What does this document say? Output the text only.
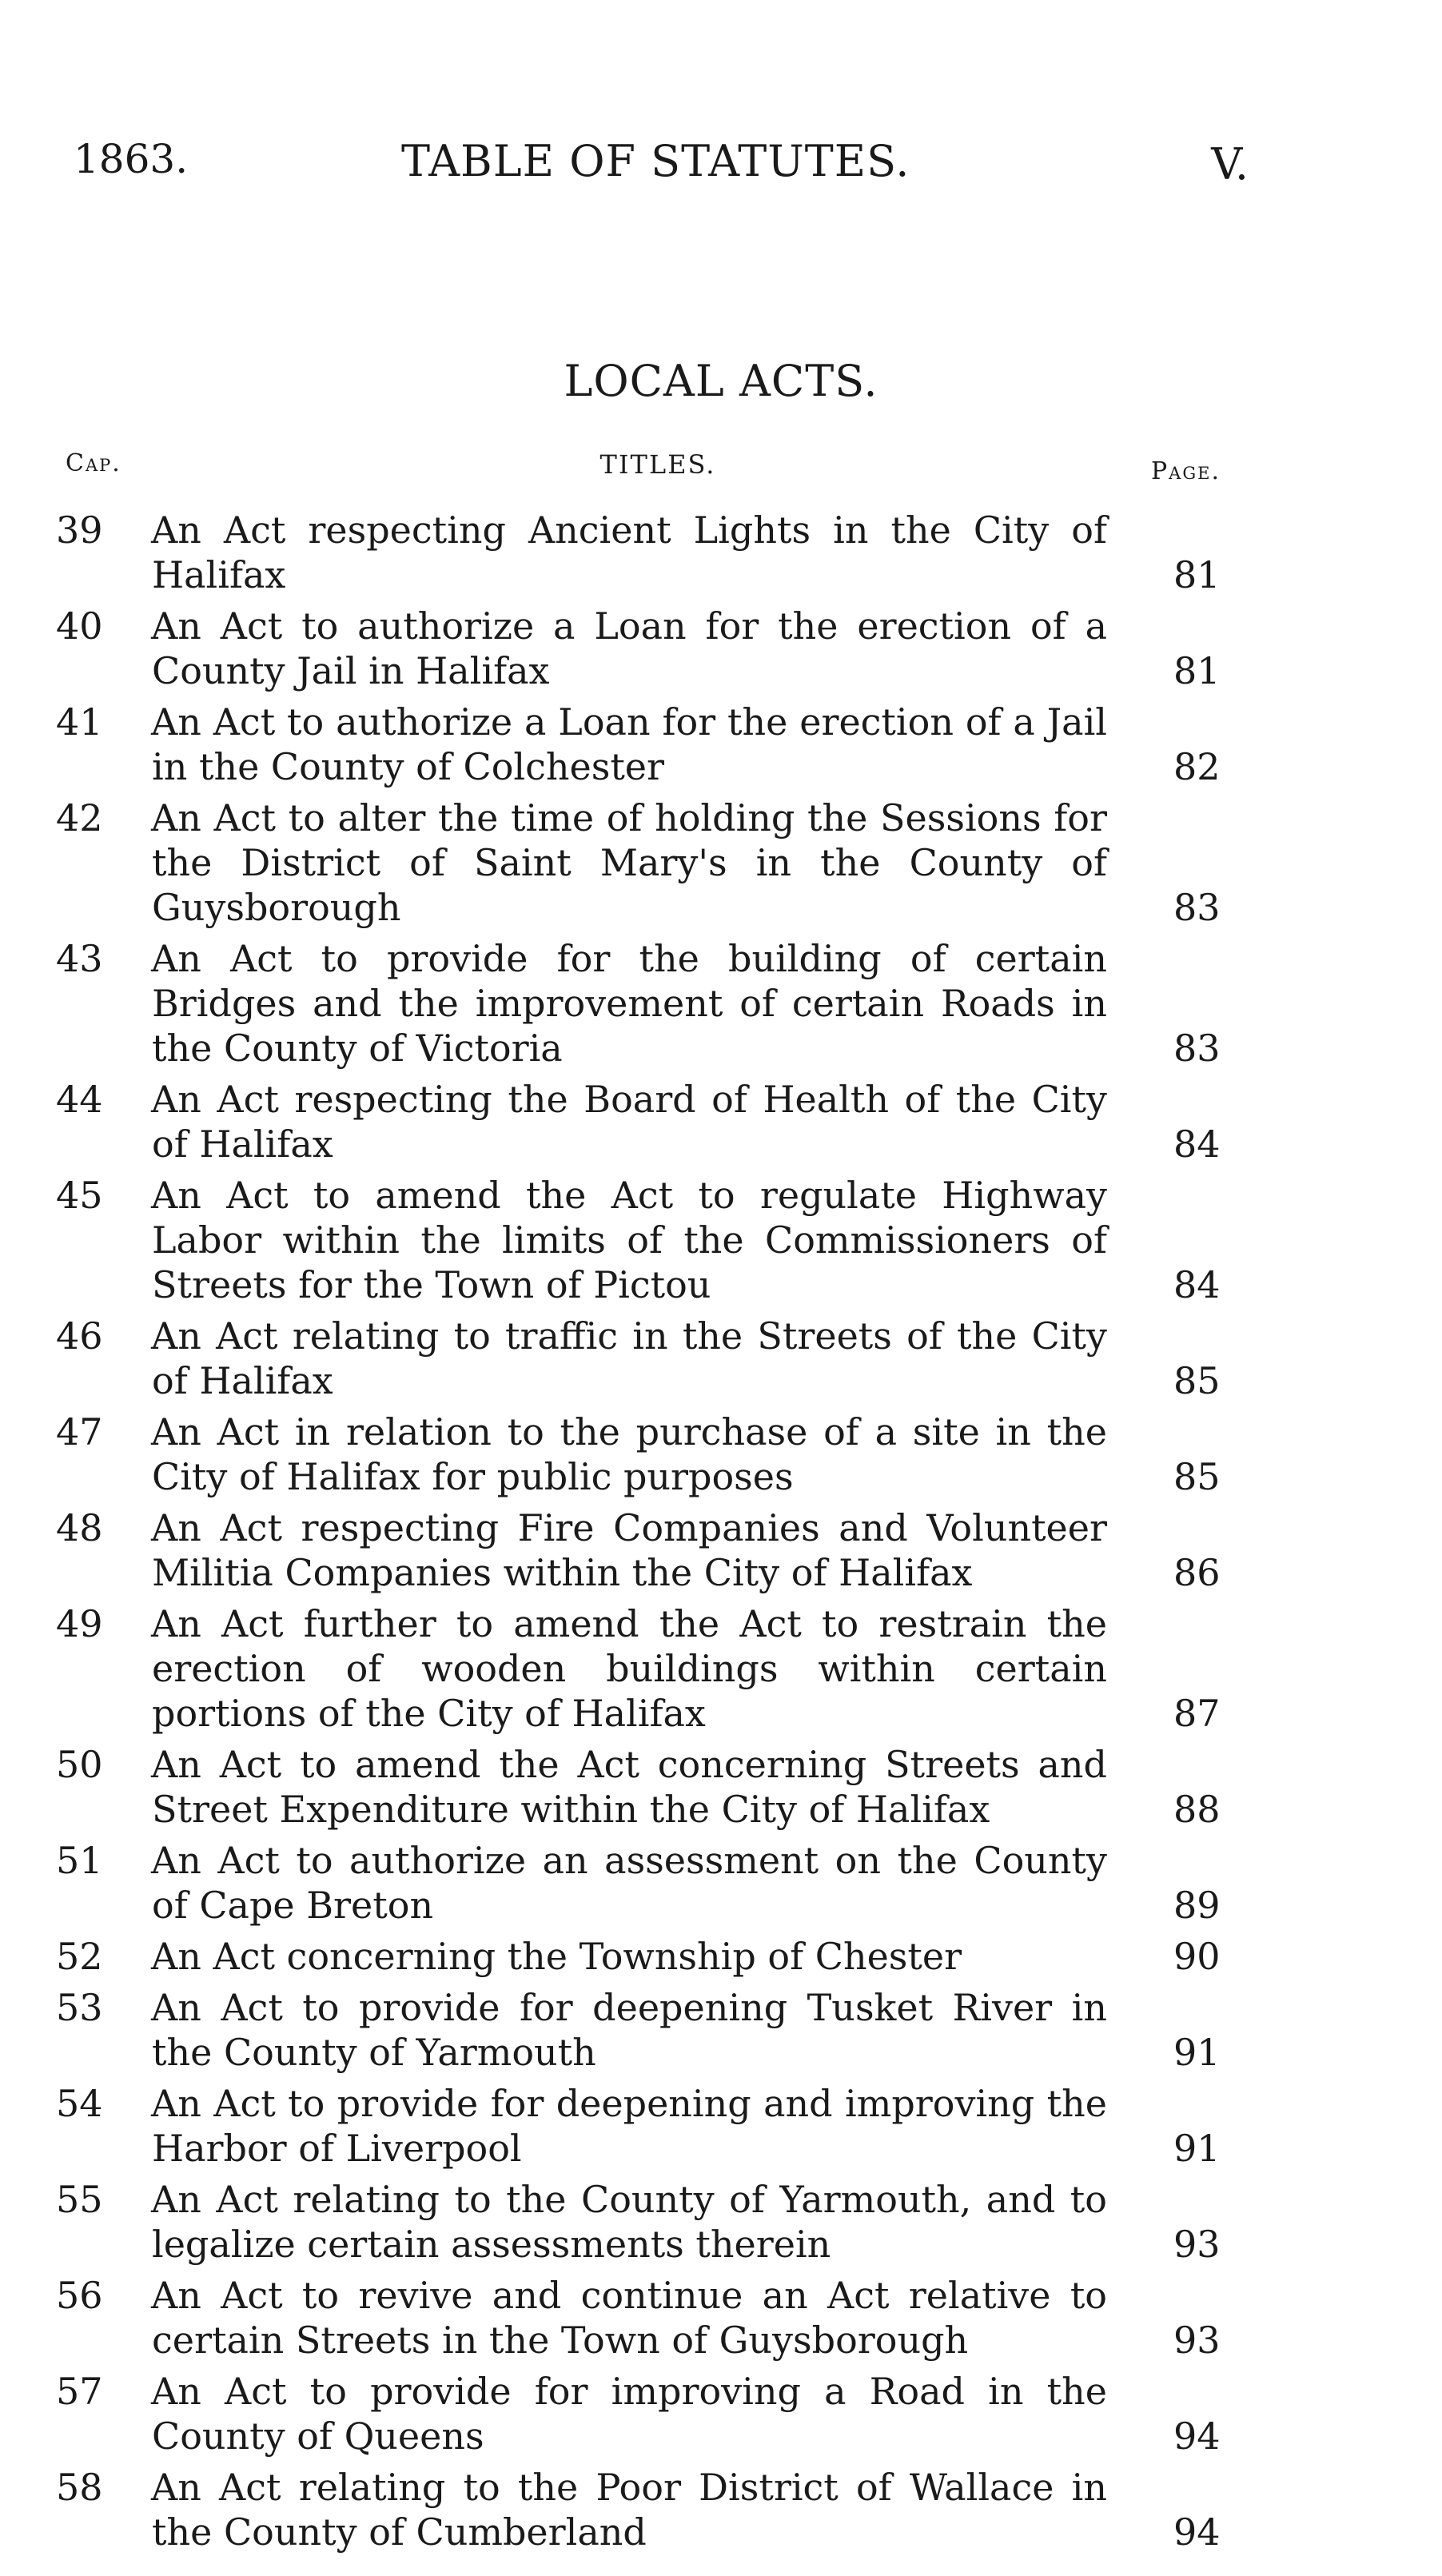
1863.	TABLE OF STATUTES.	V.
LOCAL ACTS.
Cap.	TITLES.	Page.
39	An Act respecting Ancient Lights in the City of Halifax	81
40	An Act to authorize a Loan for the erection of a County Jail in Halifax	81
41	An Act to authorize a Loan for the erection of a Jail in the County of Colchester	82
42	An Act to alter the time of holding the Sessions for the District of Saint Mary's in the County of Guysborough	83
43	An Act to provide for the building of certain Bridges and the improvement of certain Roads in the County of Victoria	83
44	An Act respecting the Board of Health of the City of Halifax	84
45	An Act to amend the Act to regulate Highway Labor within the limits of the Commissioners of Streets for the Town of Pictou	84
46	An Act relating to traffic in the Streets of the City of Halifax	85
47	An Act in relation to the purchase of a site in the City of Halifax for public purposes	85
48	An Act respecting Fire Companies and Volunteer Militia Companies within the City of Halifax	86
49	An Act further to amend the Act to restrain the erection of wooden buildings within certain portions of the City of Halifax	87
50	An Act to amend the Act concerning Streets and Street Expenditure within the City of Halifax	88
51	An Act to authorize an assessment on the County of Cape Breton	89
52	An Act concerning the Township of Chester	90
53	An Act to provide for deepening Tusket River in the County of Yarmouth	91
54	An Act to provide for deepening and improving the Harbor of Liverpool	91
55	An Act relating to the County of Yarmouth, and to legalize certain assessments therein	93
56	An Act to revive and continue an Act relative to certain Streets in the Town of Guysborough	93
57	An Act to provide for improving a Road in the County of Queens	94
58	An Act relating to the Poor District of Wallace in the County of Cumberland	94
